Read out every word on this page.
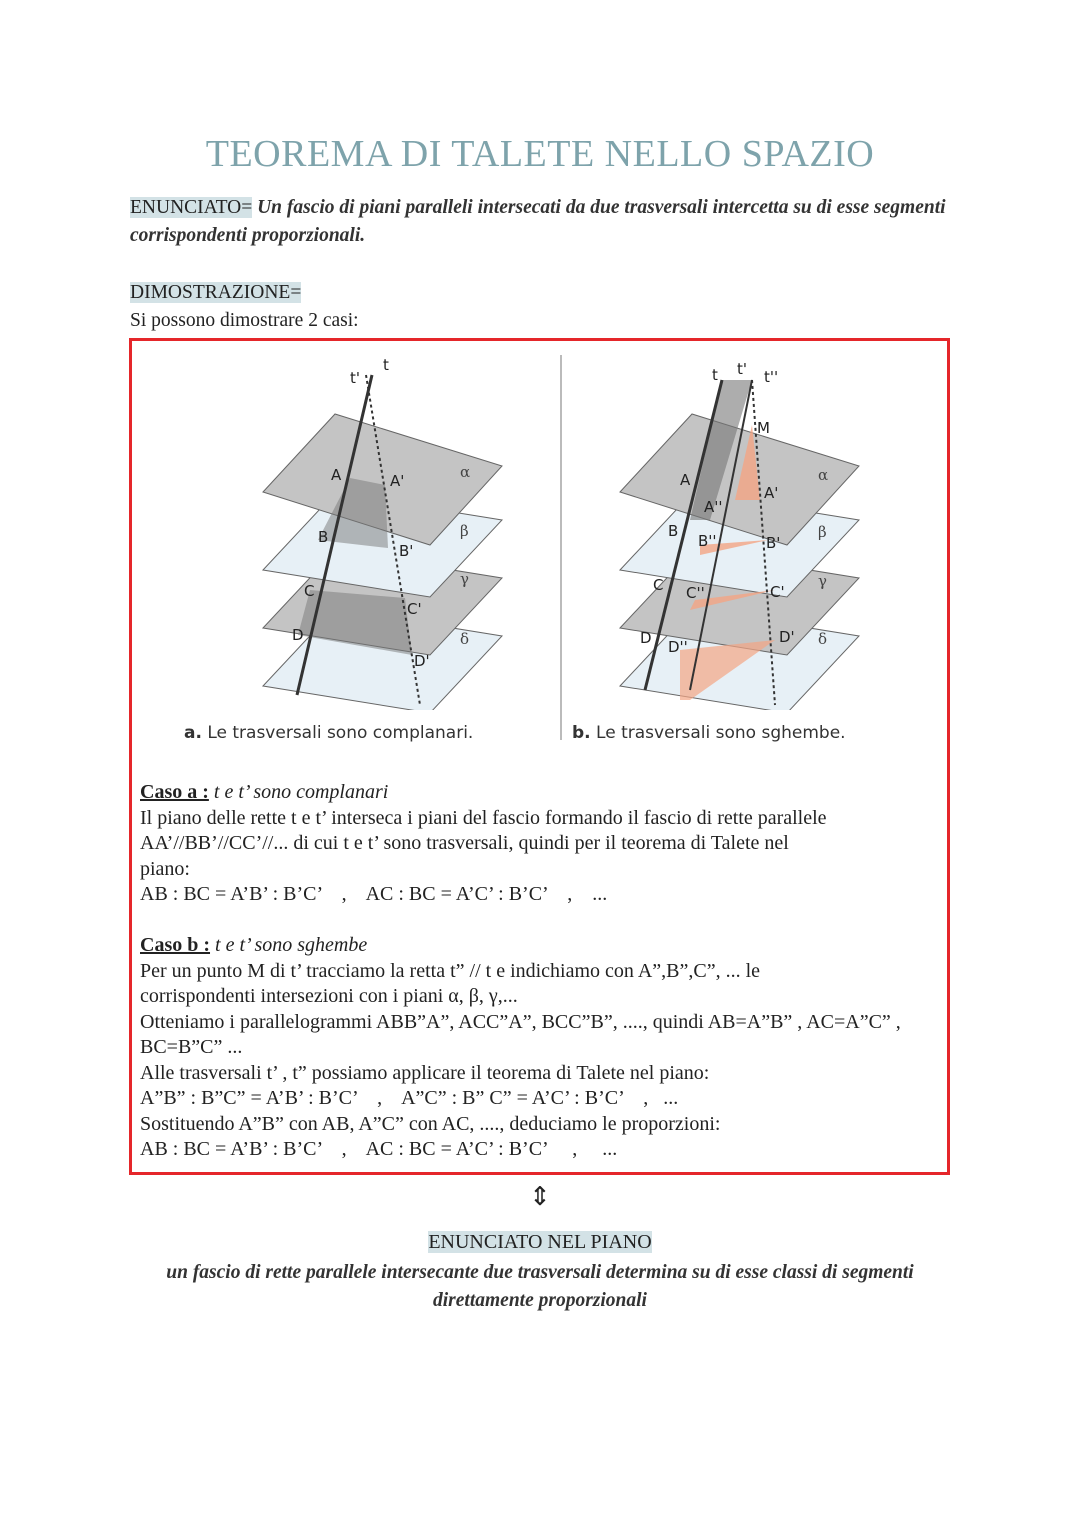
TEOREMA DI TALETE NELLO SPAZIO
ENUNCIATO= Un fascio di piani paralleli intersecati da due trasversali intercetta su di esse segmenti corrispondenti proporzionali.
DIMOSTRAZIONE=
Si possono dimostrare 2 casi:
t
t'
A	A'
B
B'
C
C'
D
D'
α
β
γ
δ
a. Le trasversali sono complanari.
t t' t''
M
A
A''
A'
B
B''	B'
C C''	C'
D D''
D'
α
β
γ
δ
b. Le trasversali sono sghembe.
Caso a : t e t’ sono complanari
Il piano delle rette t e t’ interseca i piani del fascio formando il fascio di rette parallele
AA’//BB’//CC’//... di cui t e t’ sono trasversali, quindi per il teorema di Talete nel
piano:
AB : BC = A’B’ : B’C’    ,    AC : BC = A’C’ : B’C’    ,    ...
Caso b : t e t’ sono sghembe
Per un punto M di t’ tracciamo la retta t” // t e indichiamo con A”,B”,C”, ... le
corrispondenti intersezioni con i piani α, β, γ,...
Otteniamo i parallelogrammi ABB”A”, ACC”A”, BCC”B”, ...., quindi AB=A”B” , AC=A”C” ,
BC=B”C” ...
Alle trasversali t’ , t” possiamo applicare il teorema di Talete nel piano:
A”B” : B”C” = A’B’ : B’C’    ,    A”C” : B” C” = A’C’ : B’C’    ,   ...
Sostituendo A”B” con AB, A”C” con AC, ...., deduciamo le proporzioni:
AB : BC = A’B’ : B’C’    ,    AC : BC = A’C’ : B’C’     ,     ...
⇕
ENUNCIATO NEL PIANO
un fascio di rette parallele intersecante due trasversali determina su di esse classi di segmenti direttamente proporzionali
